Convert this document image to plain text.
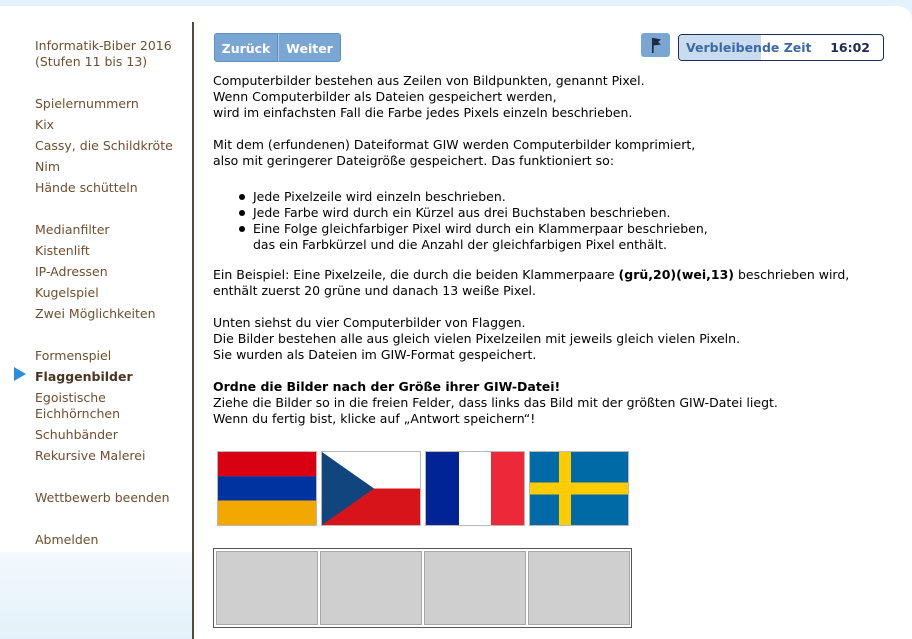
Informatik-Biber 2016
(Stufen 11 bis 13)
Spielernummern
Kix
Cassy, die Schildkröte
Nim
Hände schütteln
Medianfilter
Kistenlift
IP-Adressen
Kugelspiel
Zwei Möglichkeiten
Formenspiel
Flaggenbilder
Egoistische
Eichhörnchen
Schuhbänder
Rekursive Malerei
Wettbewerb beenden
Abmelden
Zurück	Weiter	Verbleibende Zeit 16:02
Computerbilder bestehen aus Zeilen von Bildpunkten, genannt Pixel.
Wenn Computerbilder als Dateien gespeichert werden,
wird im einfachsten Fall die Farbe jedes Pixels einzeln beschrieben.
Mit dem (erfundenen) Dateiformat GIW werden Computerbilder komprimiert,
also mit geringerer Dateigröße gespeichert. Das funktioniert so:
Jede Pixelzeile wird einzeln beschrieben.
Jede Farbe wird durch ein Kürzel aus drei Buchstaben beschrieben.
Eine Folge gleichfarbiger Pixel wird durch ein Klammerpaar beschrieben,
das ein Farbkürzel und die Anzahl der gleichfarbigen Pixel enthält.
Ein Beispiel: Eine Pixelzeile, die durch die beiden Klammerpaare (grü,20)(wei,13) beschrieben wird,
enthält zuerst 20 grüne und danach 13 weiße Pixel.
Unten siehst du vier Computerbilder von Flaggen.
Die Bilder bestehen alle aus gleich vielen Pixelzeilen mit jeweils gleich vielen Pixeln.
Sie wurden als Dateien im GIW-Format gespeichert.
Ordne die Bilder nach der Größe ihrer GIW-Datei!
Ziehe die Bilder so in die freien Felder, dass links das Bild mit der größten GIW-Datei liegt.
Wenn du fertig bist, klicke auf „Antwort speichern“!
